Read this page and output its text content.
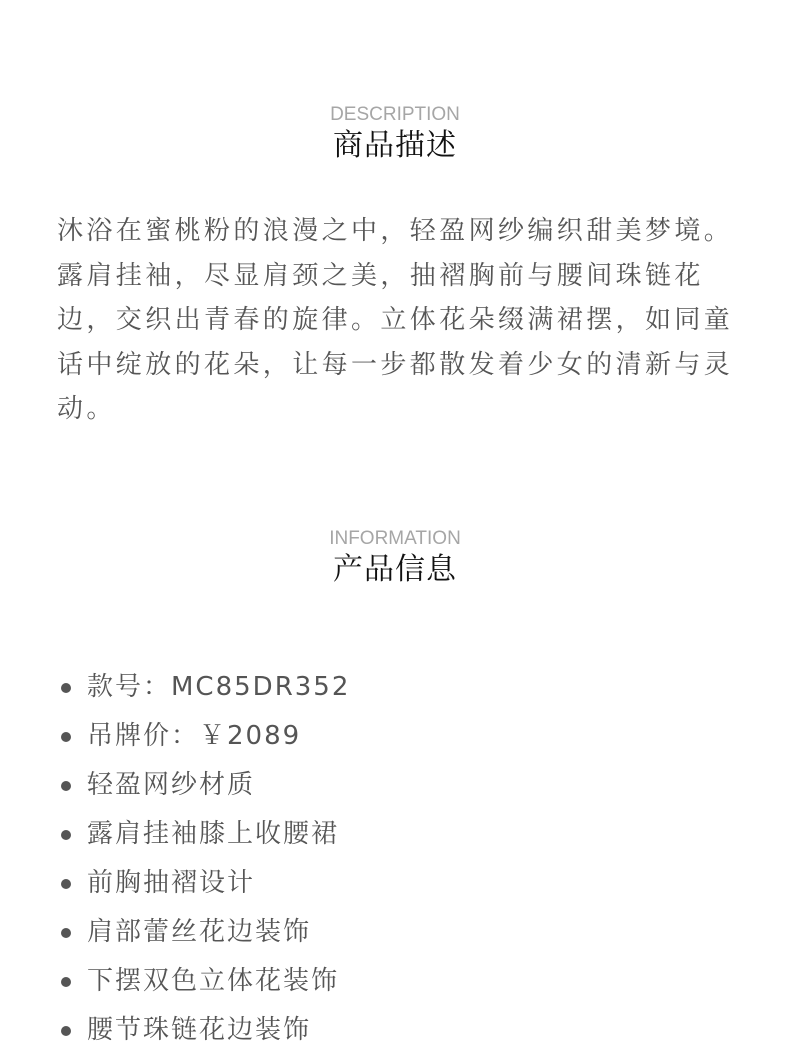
DESCRIPTION
商品描述

沐浴在蜜桃粉的浪漫之中，轻盈网纱编织甜美梦境。露肩挂袖，尽显肩颈之美，抽褶胸前与腰间珠链花边，交织出青春的旋律。立体花朵缀满裙摆，如同童话中绽放的花朵，让每一步都散发着少女的清新与灵动。

INFORMATION
产品信息
款号：MC85DR352
吊牌价：￥2089
轻盈网纱材质
露肩挂袖膝上收腰裙
前胸抽褶设计
肩部蕾丝花边装饰
下摆双色立体花装饰
腰节珠链花边装饰
